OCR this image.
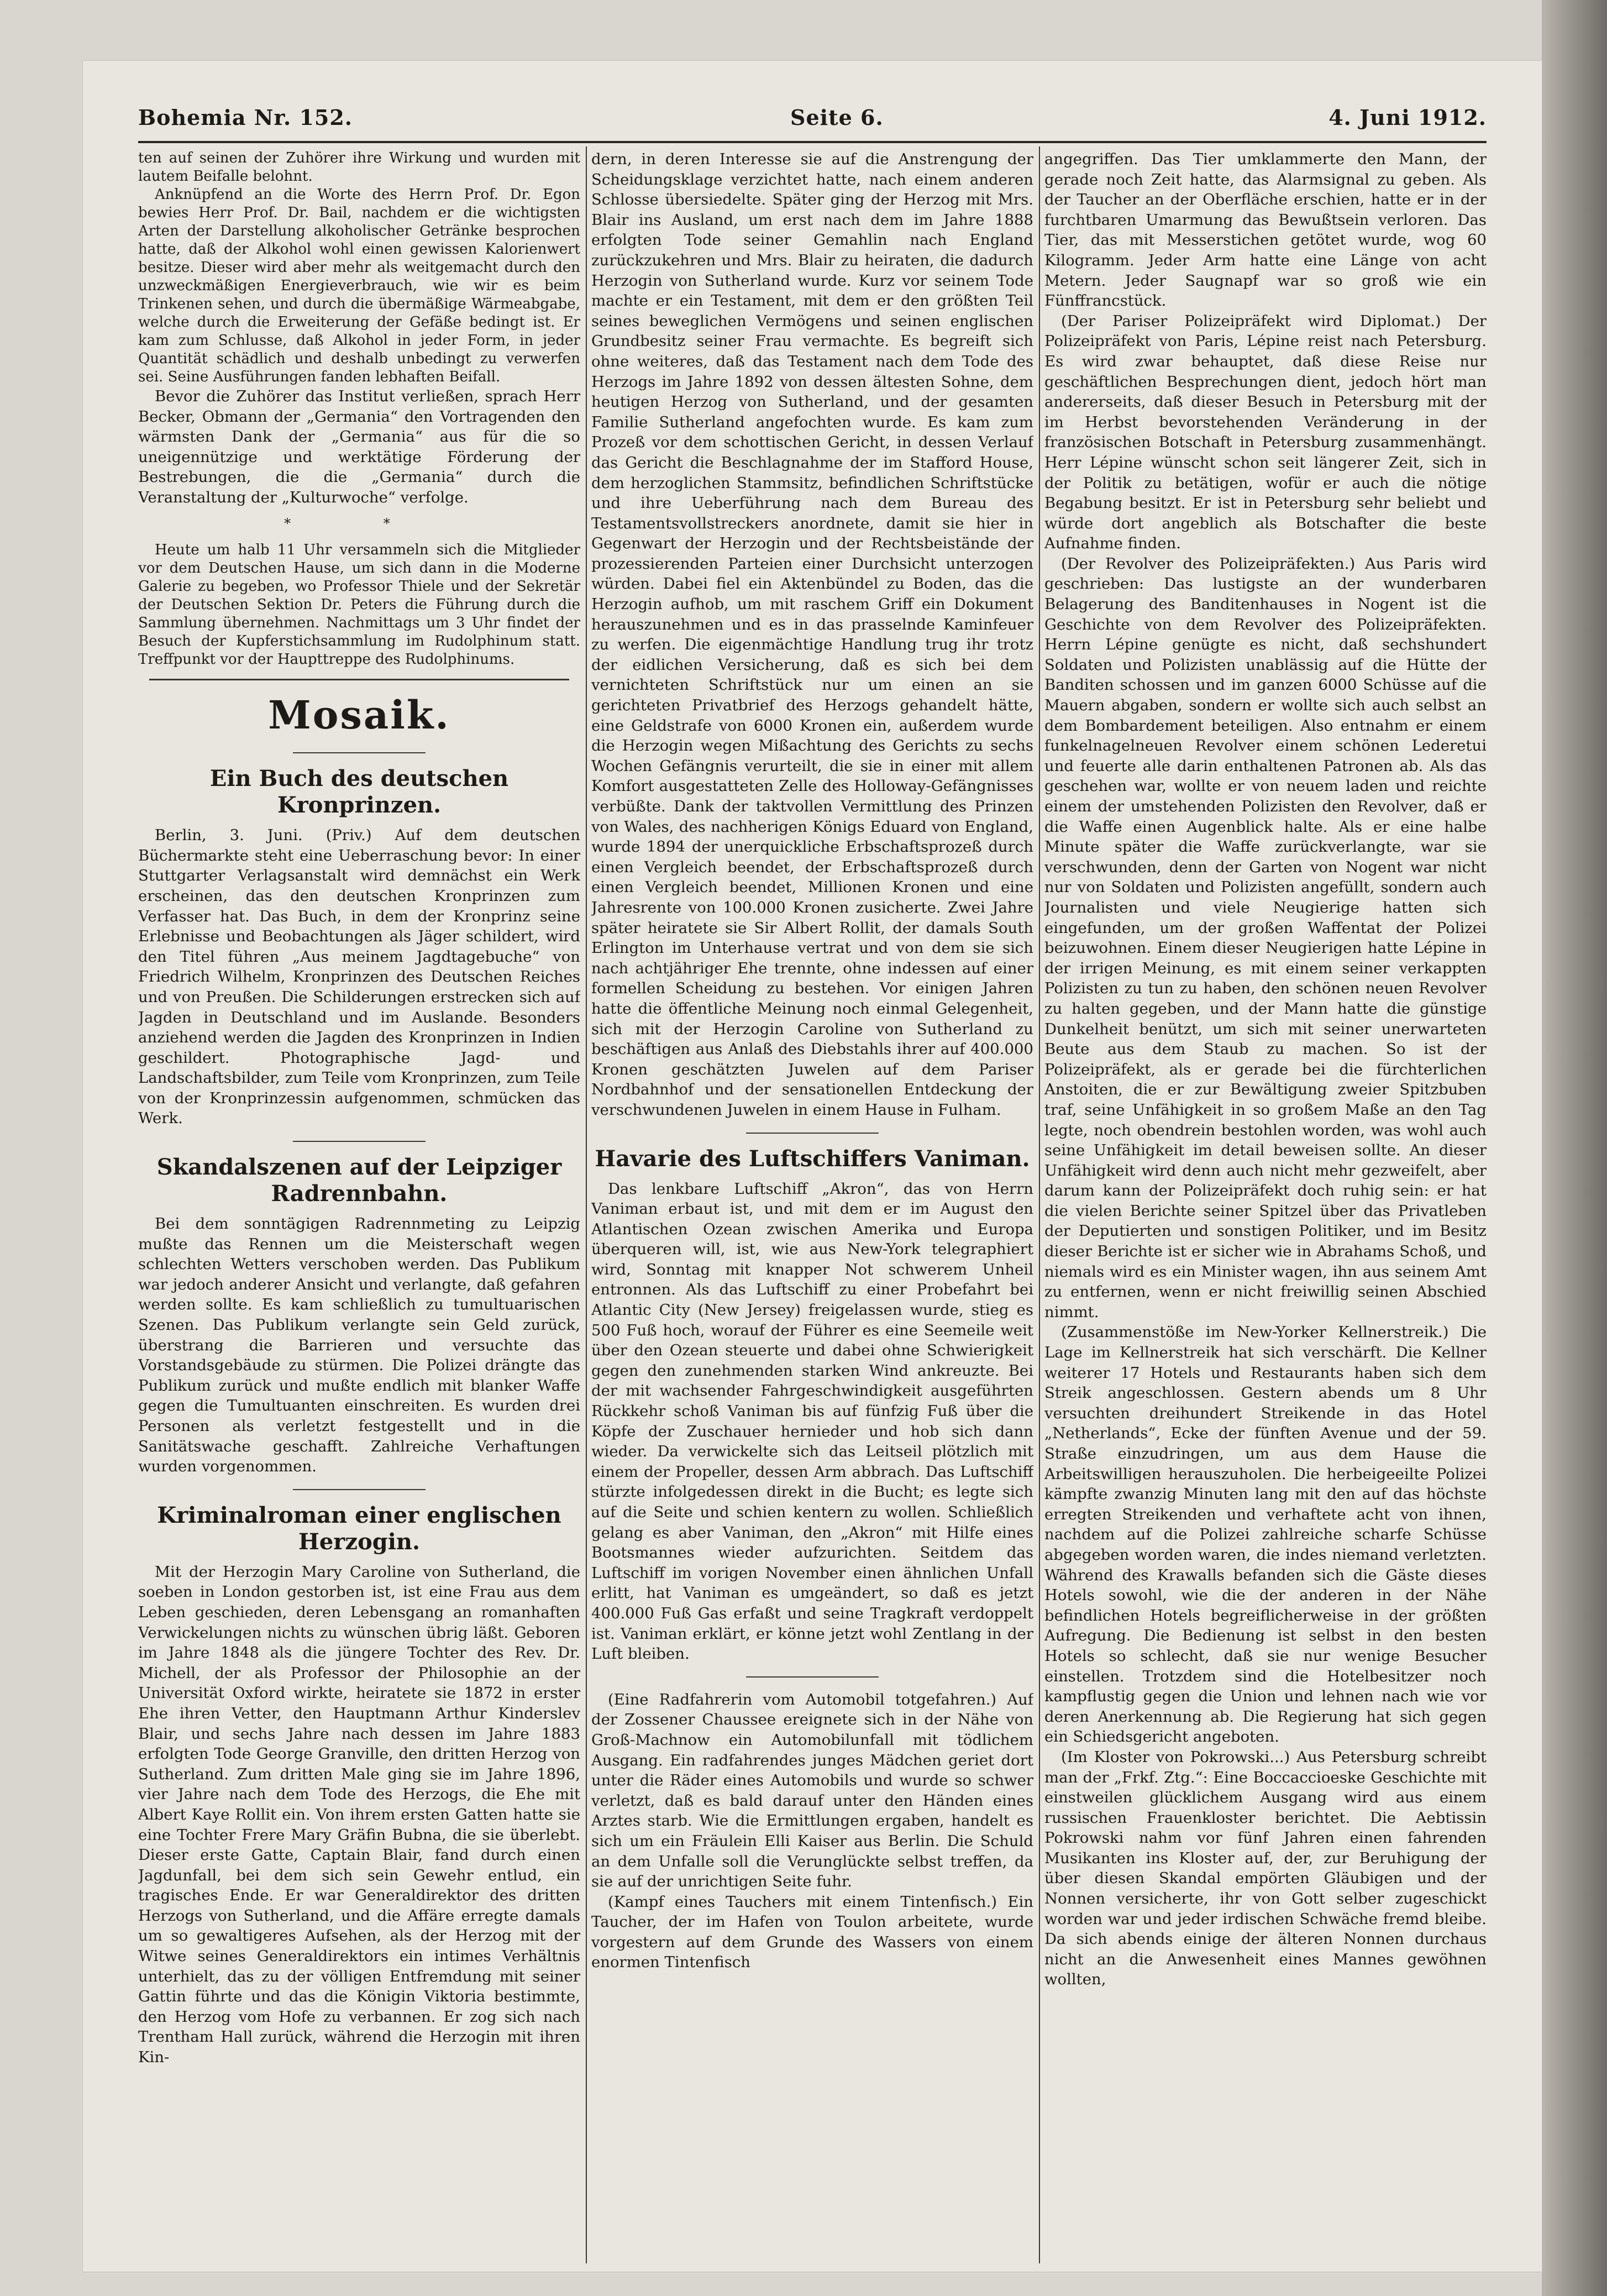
Bohemia Nr. 152.	Seite 6.	4. Juni 1912.

ten auf seinen der Zuhörer ihre Wirkung und wurden mit lautem Beifalle belohnt.

Anknüpfend an die Worte des Herrn Prof. Dr. Egon bewies Herr Prof. Dr. Bail, nachdem er die wichtigsten Arten der Darstellung alkoholischer Getränke besprochen hatte, daß der Alkohol wohl einen gewissen Kalorienwert besitze. Dieser wird aber mehr als weitgemacht durch den unzweckmäßigen Energieverbrauch, wie wir es beim Trinkenen sehen, und durch die übermäßige Wärmeabgabe, welche durch die Erweiterung der Gefäße bedingt ist. Er kam zum Schlusse, daß Alkohol in jeder Form, in jeder Quantität schädlich und deshalb unbedingt zu verwerfen sei. Seine Ausführungen fanden lebhaften Beifall.

Bevor die Zuhörer das Institut verließen, sprach Herr Becker, Obmann der „Germania“ den Vortragenden den wärmsten Dank der „Germania“ aus für die so uneigennützige und werktätige Förderung der Bestrebungen, die die „Germania“ durch die Veranstaltung der „Kulturwoche“ verfolge.

* *

Heute um halb 11 Uhr versammeln sich die Mitglieder vor dem Deutschen Hause, um sich dann in die Moderne Galerie zu begeben, wo Professor Thiele und der Sekretär der Deutschen Sektion Dr. Peters die Führung durch die Sammlung übernehmen. Nachmittags um 3 Uhr findet der Besuch der Kupferstichsammlung im Rudolphinum statt. Treffpunkt vor der Haupttreppe des Rudolphinums.

Mosaik.
Ein Buch des deutschen Kronprinzen.

Berlin, 3. Juni. (Priv.) Auf dem deutschen Büchermarkte steht eine Ueberraschung bevor: In einer Stuttgarter Verlagsanstalt wird demnächst ein Werk erscheinen, das den deutschen Kronprinzen zum Verfasser hat. Das Buch, in dem der Kronprinz seine Erlebnisse und Beobachtungen als Jäger schildert, wird den Titel führen „Aus meinem Jagdtagebuche“ von Friedrich Wilhelm, Kronprinzen des Deutschen Reiches und von Preußen. Die Schilderungen erstrecken sich auf Jagden in Deutschland und im Auslande. Besonders anziehend werden die Jagden des Kronprinzen in Indien geschildert. Photographische Jagd- und Landschaftsbilder, zum Teile vom Kronprinzen, zum Teile von der Kronprinzessin aufgenommen, schmücken das Werk.

Skandalszenen auf der Leipziger Radrennbahn.

Bei dem sonntägigen Radrennmeting zu Leipzig mußte das Rennen um die Meisterschaft wegen schlechten Wetters verschoben werden. Das Publikum war jedoch anderer Ansicht und verlangte, daß gefahren werden sollte. Es kam schließlich zu tumultuarischen Szenen. Das Publikum verlangte sein Geld zurück, überstrang die Barrieren und versuchte das Vorstandsgebäude zu stürmen. Die Polizei drängte das Publikum zurück und mußte endlich mit blanker Waffe gegen die Tumultuanten einschreiten. Es wurden drei Personen als verletzt festgestellt und in die Sanitätswache geschafft. Zahlreiche Verhaftungen wurden vorgenommen.

Kriminalroman einer englischen Herzogin.

Mit der Herzogin Mary Caroline von Sutherland, die soeben in London gestorben ist, ist eine Frau aus dem Leben geschieden, deren Lebensgang an romanhaften Verwickelungen nichts zu wünschen übrig läßt. Geboren im Jahre 1848 als die jüngere Tochter des Rev. Dr. Michell, der als Professor der Philosophie an der Universität Oxford wirkte, heiratete sie 1872 in erster Ehe ihren Vetter, den Hauptmann Arthur Kinderslev Blair, und sechs Jahre nach dessen im Jahre 1883 erfolgten Tode George Granville, den dritten Herzog von Sutherland. Zum dritten Male ging sie im Jahre 1896, vier Jahre nach dem Tode des Herzogs, die Ehe mit Albert Kaye Rollit ein. Von ihrem ersten Gatten hatte sie eine Tochter Frere Mary Gräfin Bubna, die sie überlebt. Dieser erste Gatte, Captain Blair, fand durch einen Jagdunfall, bei dem sich sein Gewehr entlud, ein tragisches Ende. Er war Generaldirektor des dritten Herzogs von Sutherland, und die Affäre erregte damals um so gewaltigeres Aufsehen, als der Herzog mit der Witwe seines Generaldirektors ein intimes Verhältnis unterhielt, das zu der völligen Entfremdung mit seiner Gattin führte und das die Königin Viktoria bestimmte, den Herzog vom Hofe zu verbannen. Er zog sich nach Trentham Hall zurück, während die Herzogin mit ihren Kin-

dern, in deren Interesse sie auf die Anstrengung der Scheidungsklage verzichtet hatte, nach einem anderen Schlosse übersiedelte. Später ging der Herzog mit Mrs. Blair ins Ausland, um erst nach dem im Jahre 1888 erfolgten Tode seiner Gemahlin nach England zurückzukehren und Mrs. Blair zu heiraten, die dadurch Herzogin von Sutherland wurde. Kurz vor seinem Tode machte er ein Testament, mit dem er den größten Teil seines beweglichen Vermögens und seinen englischen Grundbesitz seiner Frau vermachte. Es begreift sich ohne weiteres, daß das Testament nach dem Tode des Herzogs im Jahre 1892 von dessen ältesten Sohne, dem heutigen Herzog von Sutherland, und der gesamten Familie Sutherland angefochten wurde. Es kam zum Prozeß vor dem schottischen Gericht, in dessen Verlauf das Gericht die Beschlagnahme der im Stafford House, dem herzoglichen Stammsitz, befindlichen Schriftstücke und ihre Ueberführung nach dem Bureau des Testamentsvollstreckers anordnete, damit sie hier in Gegenwart der Herzogin und der Rechtsbeistände der prozessierenden Parteien einer Durchsicht unterzogen würden. Dabei fiel ein Aktenbündel zu Boden, das die Herzogin aufhob, um mit raschem Griff ein Dokument herauszunehmen und es in das prasselnde Kaminfeuer zu werfen. Die eigenmächtige Handlung trug ihr trotz der eidlichen Versicherung, daß es sich bei dem vernichteten Schriftstück nur um einen an sie gerichteten Privatbrief des Herzogs gehandelt hätte, eine Geldstrafe von 6000 Kronen ein, außerdem wurde die Herzogin wegen Mißachtung des Gerichts zu sechs Wochen Gefängnis verurteilt, die sie in einer mit allem Komfort ausgestatteten Zelle des Holloway-Gefängnisses verbüßte. Dank der taktvollen Vermittlung des Prinzen von Wales, des nachherigen Königs Eduard von England, wurde 1894 der unerquickliche Erbschaftsprozeß durch einen Vergleich beendet, der Erbschaftsprozeß durch einen Vergleich beendet, Millionen Kronen und eine Jahresrente von 100.000 Kronen zusicherte. Zwei Jahre später heiratete sie Sir Albert Rollit, der damals South Erlington im Unterhause vertrat und von dem sie sich nach achtjähriger Ehe trennte, ohne indessen auf einer formellen Scheidung zu bestehen. Vor einigen Jahren hatte die öffentliche Meinung noch einmal Gelegenheit, sich mit der Herzogin Caroline von Sutherland zu beschäftigen aus Anlaß des Diebstahls ihrer auf 400.000 Kronen geschätzten Juwelen auf dem Pariser Nordbahnhof und der sensationellen Entdeckung der verschwundenen Juwelen in einem Hause in Fulham.

Havarie des Luftschiffers Vaniman.

Das lenkbare Luftschiff „Akron“, das von Herrn Vaniman erbaut ist, und mit dem er im August den Atlantischen Ozean zwischen Amerika und Europa überqueren will, ist, wie aus New-York telegraphiert wird, Sonntag mit knapper Not schwerem Unheil entronnen. Als das Luftschiff zu einer Probefahrt bei Atlantic City (New Jersey) freigelassen wurde, stieg es 500 Fuß hoch, worauf der Führer es eine Seemeile weit über den Ozean steuerte und dabei ohne Schwierigkeit gegen den zunehmenden starken Wind ankreuzte. Bei der mit wachsender Fahrgeschwindigkeit ausgeführten Rückkehr schoß Vaniman bis auf fünfzig Fuß über die Köpfe der Zuschauer hernieder und hob sich dann wieder. Da verwickelte sich das Leitseil plötzlich mit einem der Propeller, dessen Arm abbrach. Das Luftschiff stürzte infolgedessen direkt in die Bucht; es legte sich auf die Seite und schien kentern zu wollen. Schließlich gelang es aber Vaniman, den „Akron“ mit Hilfe eines Bootsmannes wieder aufzurichten. Seitdem das Luftschiff im vorigen November einen ähnlichen Unfall erlitt, hat Vaniman es umgeändert, so daß es jetzt 400.000 Fuß Gas erfaßt und seine Tragkraft verdoppelt ist. Vaniman erklärt, er könne jetzt wohl Zentlang in der Luft bleiben.

(Eine Radfahrerin vom Automobil totgefahren.) Auf der Zossener Chaussee ereignete sich in der Nähe von Groß-Machnow ein Automobilunfall mit tödlichem Ausgang. Ein radfahrendes junges Mädchen geriet dort unter die Räder eines Automobils und wurde so schwer verletzt, daß es bald darauf unter den Händen eines Arztes starb. Wie die Ermittlungen ergaben, handelt es sich um ein Fräulein Elli Kaiser aus Berlin. Die Schuld an dem Unfalle soll die Verunglückte selbst treffen, da sie auf der unrichtigen Seite fuhr.

(Kampf eines Tauchers mit einem Tintenfisch.) Ein Taucher, der im Hafen von Toulon arbeitete, wurde vorgestern auf dem Grunde des Wassers von einem enormen Tintenfisch

angegriffen. Das Tier umklammerte den Mann, der gerade noch Zeit hatte, das Alarmsignal zu geben. Als der Taucher an der Oberfläche erschien, hatte er in der furchtbaren Umarmung das Bewußtsein verloren. Das Tier, das mit Messerstichen getötet wurde, wog 60 Kilogramm. Jeder Arm hatte eine Länge von acht Metern. Jeder Saugnapf war so groß wie ein Fünffrancstück.

(Der Pariser Polizeipräfekt wird Diplomat.) Der Polizeipräfekt von Paris, Lépine reist nach Petersburg. Es wird zwar behauptet, daß diese Reise nur geschäftlichen Besprechungen dient, jedoch hört man andererseits, daß dieser Besuch in Petersburg mit der im Herbst bevorstehenden Veränderung in der französischen Botschaft in Petersburg zusammenhängt. Herr Lépine wünscht schon seit längerer Zeit, sich in der Politik zu betätigen, wofür er auch die nötige Begabung besitzt. Er ist in Petersburg sehr beliebt und würde dort angeblich als Botschafter die beste Aufnahme finden.

(Der Revolver des Polizeipräfekten.) Aus Paris wird geschrieben: Das lustigste an der wunderbaren Belagerung des Banditenhauses in Nogent ist die Geschichte von dem Revolver des Polizeipräfekten. Herrn Lépine genügte es nicht, daß sechshundert Soldaten und Polizisten unablässig auf die Hütte der Banditen schossen und im ganzen 6000 Schüsse auf die Mauern abgaben, sondern er wollte sich auch selbst an dem Bombardement beteiligen. Also entnahm er einem funkelnagelneuen Revolver einem schönen Lederetui und feuerte alle darin enthaltenen Patronen ab. Als das geschehen war, wollte er von neuem laden und reichte einem der umstehenden Polizisten den Revolver, daß er die Waffe einen Augenblick halte. Als er eine halbe Minute später die Waffe zurückverlangte, war sie verschwunden, denn der Garten von Nogent war nicht nur von Soldaten und Polizisten angefüllt, sondern auch Journalisten und viele Neugierige hatten sich eingefunden, um der großen Waffentat der Polizei beizuwohnen. Einem dieser Neugierigen hatte Lépine in der irrigen Meinung, es mit einem seiner verkappten Polizisten zu tun zu haben, den schönen neuen Revolver zu halten gegeben, und der Mann hatte die günstige Dunkelheit benützt, um sich mit seiner unerwarteten Beute aus dem Staub zu machen. So ist der Polizeipräfekt, als er gerade bei die fürchterlichen Anstoiten, die er zur Bewältigung zweier Spitzbuben traf, seine Unfähigkeit in so großem Maße an den Tag legte, noch obendrein bestohlen worden, was wohl auch seine Unfähigkeit im detail beweisen sollte. An dieser Unfähigkeit wird denn auch nicht mehr gezweifelt, aber darum kann der Polizeipräfekt doch ruhig sein: er hat die vielen Berichte seiner Spitzel über das Privatleben der Deputierten und sonstigen Politiker, und im Besitz dieser Berichte ist er sicher wie in Abrahams Schoß, und niemals wird es ein Minister wagen, ihn aus seinem Amt zu entfernen, wenn er nicht freiwillig seinen Abschied nimmt.

(Zusammenstöße im New-Yorker Kellnerstreik.) Die Lage im Kellnerstreik hat sich verschärft. Die Kellner weiterer 17 Hotels und Restaurants haben sich dem Streik angeschlossen. Gestern abends um 8 Uhr versuchten dreihundert Streikende in das Hotel „Netherlands“, Ecke der fünften Avenue und der 59. Straße einzudringen, um aus dem Hause die Arbeitswilligen herauszuholen. Die herbeigeeilte Polizei kämpfte zwanzig Minuten lang mit den auf das höchste erregten Streikenden und verhaftete acht von ihnen, nachdem auf die Polizei zahlreiche scharfe Schüsse abgegeben worden waren, die indes niemand verletzten. Während des Krawalls befanden sich die Gäste dieses Hotels sowohl, wie die der anderen in der Nähe befindlichen Hotels begreiflicherweise in der größten Aufregung. Die Bedienung ist selbst in den besten Hotels so schlecht, daß sie nur wenige Besucher einstellen. Trotzdem sind die Hotelbesitzer noch kampflustig gegen die Union und lehnen nach wie vor deren Anerkennung ab. Die Regierung hat sich gegen ein Schiedsgericht angeboten.

(Im Kloster von Pokrowski...) Aus Petersburg schreibt man der „Frkf. Ztg.“: Eine Boccaccioeske Geschichte mit einstweilen glücklichem Ausgang wird aus einem russischen Frauenkloster berichtet. Die Aebtissin Pokrowski nahm vor fünf Jahren einen fahrenden Musikanten ins Kloster auf, der, zur Beruhigung der über diesen Skandal empörten Gläubigen und der Nonnen versicherte, ihr von Gott selber zugeschickt worden war und jeder irdischen Schwäche fremd bleibe. Da sich abends einige der älteren Nonnen durchaus nicht an die Anwesenheit eines Mannes gewöhnen wollten,
